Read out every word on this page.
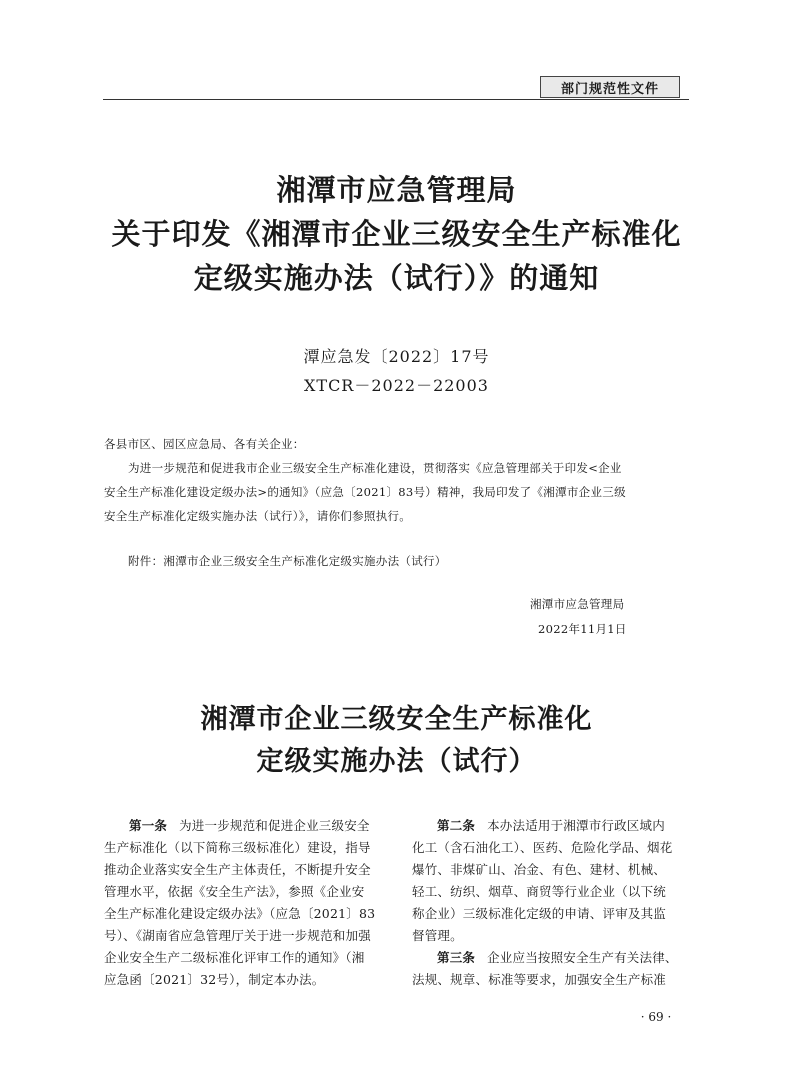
部门规范性文件
湘潭市应急管理局
关于印发《湘潭市企业三级安全生产标准化
定级实施办法（试行）》的通知
潭应急发〔2022〕17号
XTCR－2022－22003
各县市区、园区应急局、各有关企业：
为进一步规范和促进我市企业三级安全生产标准化建设，贯彻落实《应急管理部关于印发<企业
安全生产标准化建设定级办法>的通知》（应急〔2021〕83号）精神，我局印发了《湘潭市企业三级
安全生产标准化定级实施办法（试行）》，请你们参照执行。
附件：湘潭市企业三级安全生产标准化定级实施办法（试行）
湘潭市应急管理局
2022年11月1日
湘潭市企业三级安全生产标准化
定级实施办法（试行）
第一条 为进一步规范和促进企业三级安全
生产标准化（以下简称三级标准化）建设，指导
推动企业落实安全生产主体责任，不断提升安全
管理水平，依据《安全生产法》，参照《企业安
全生产标准化建设定级办法》（应急〔2021〕83
号）、《湖南省应急管理厅关于进一步规范和加强
企业安全生产二级标准化评审工作的通知》（湘
应急函〔2021〕32号），制定本办法。
第二条 本办法适用于湘潭市行政区域内
化工（含石油化工）、医药、危险化学品、烟花
爆竹、非煤矿山、冶金、有色、建材、机械、
轻工、纺织、烟草、商贸等行业企业（以下统
称企业）三级标准化定级的申请、评审及其监
督管理。
第三条 企业应当按照安全生产有关法律、
法规、规章、标准等要求，加强安全生产标准
· 69 ·
